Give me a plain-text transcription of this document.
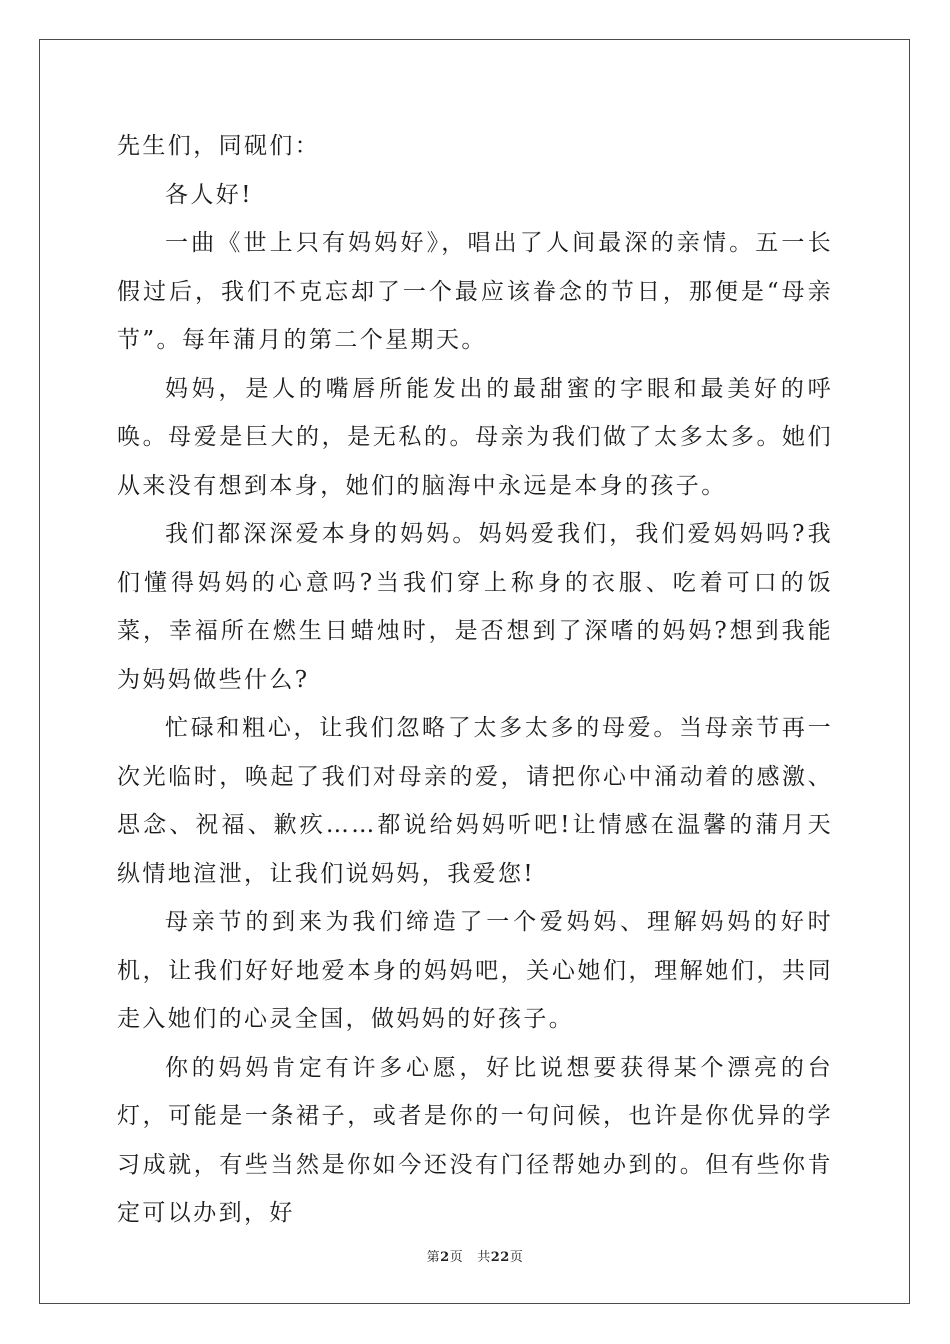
先生们，同砚们：

各人好!

一曲《世上只有妈妈好》，唱出了人间最深的亲情。五一长假过后，我们不克忘却了一个最应该眷念的节日，那便是“母亲节”。每年蒲月的第二个星期天。

妈妈，是人的嘴唇所能发出的最甜蜜的字眼和最美好的呼唤。母爱是巨大的，是无私的。母亲为我们做了太多太多。她们从来没有想到本身，她们的脑海中永远是本身的孩子。

我们都深深爱本身的妈妈。妈妈爱我们，我们爱妈妈吗?我们懂得妈妈的心意吗?当我们穿上称身的衣服、吃着可口的饭菜，幸福所在燃生日蜡烛时，是否想到了深嗜的妈妈?想到我能为妈妈做些什么?

忙碌和粗心，让我们忽略了太多太多的母爱。当母亲节再一次光临时，唤起了我们对母亲的爱，请把你心中涌动着的感激、思念、祝福、歉疚……都说给妈妈听吧!让情感在温馨的蒲月天纵情地渲泄，让我们说妈妈，我爱您!

母亲节的到来为我们缔造了一个爱妈妈、理解妈妈的好时机，让我们好好地爱本身的妈妈吧，关心她们，理解她们，共同走入她们的心灵全国，做妈妈的好孩子。

你的妈妈肯定有许多心愿，好比说想要获得某个漂亮的台灯，可能是一条裙子，或者是你的一句问候，也许是你优异的学习成就，有些当然是你如今还没有门径帮她办到的。但有些你肯定可以办到，好

第2页 共22页
